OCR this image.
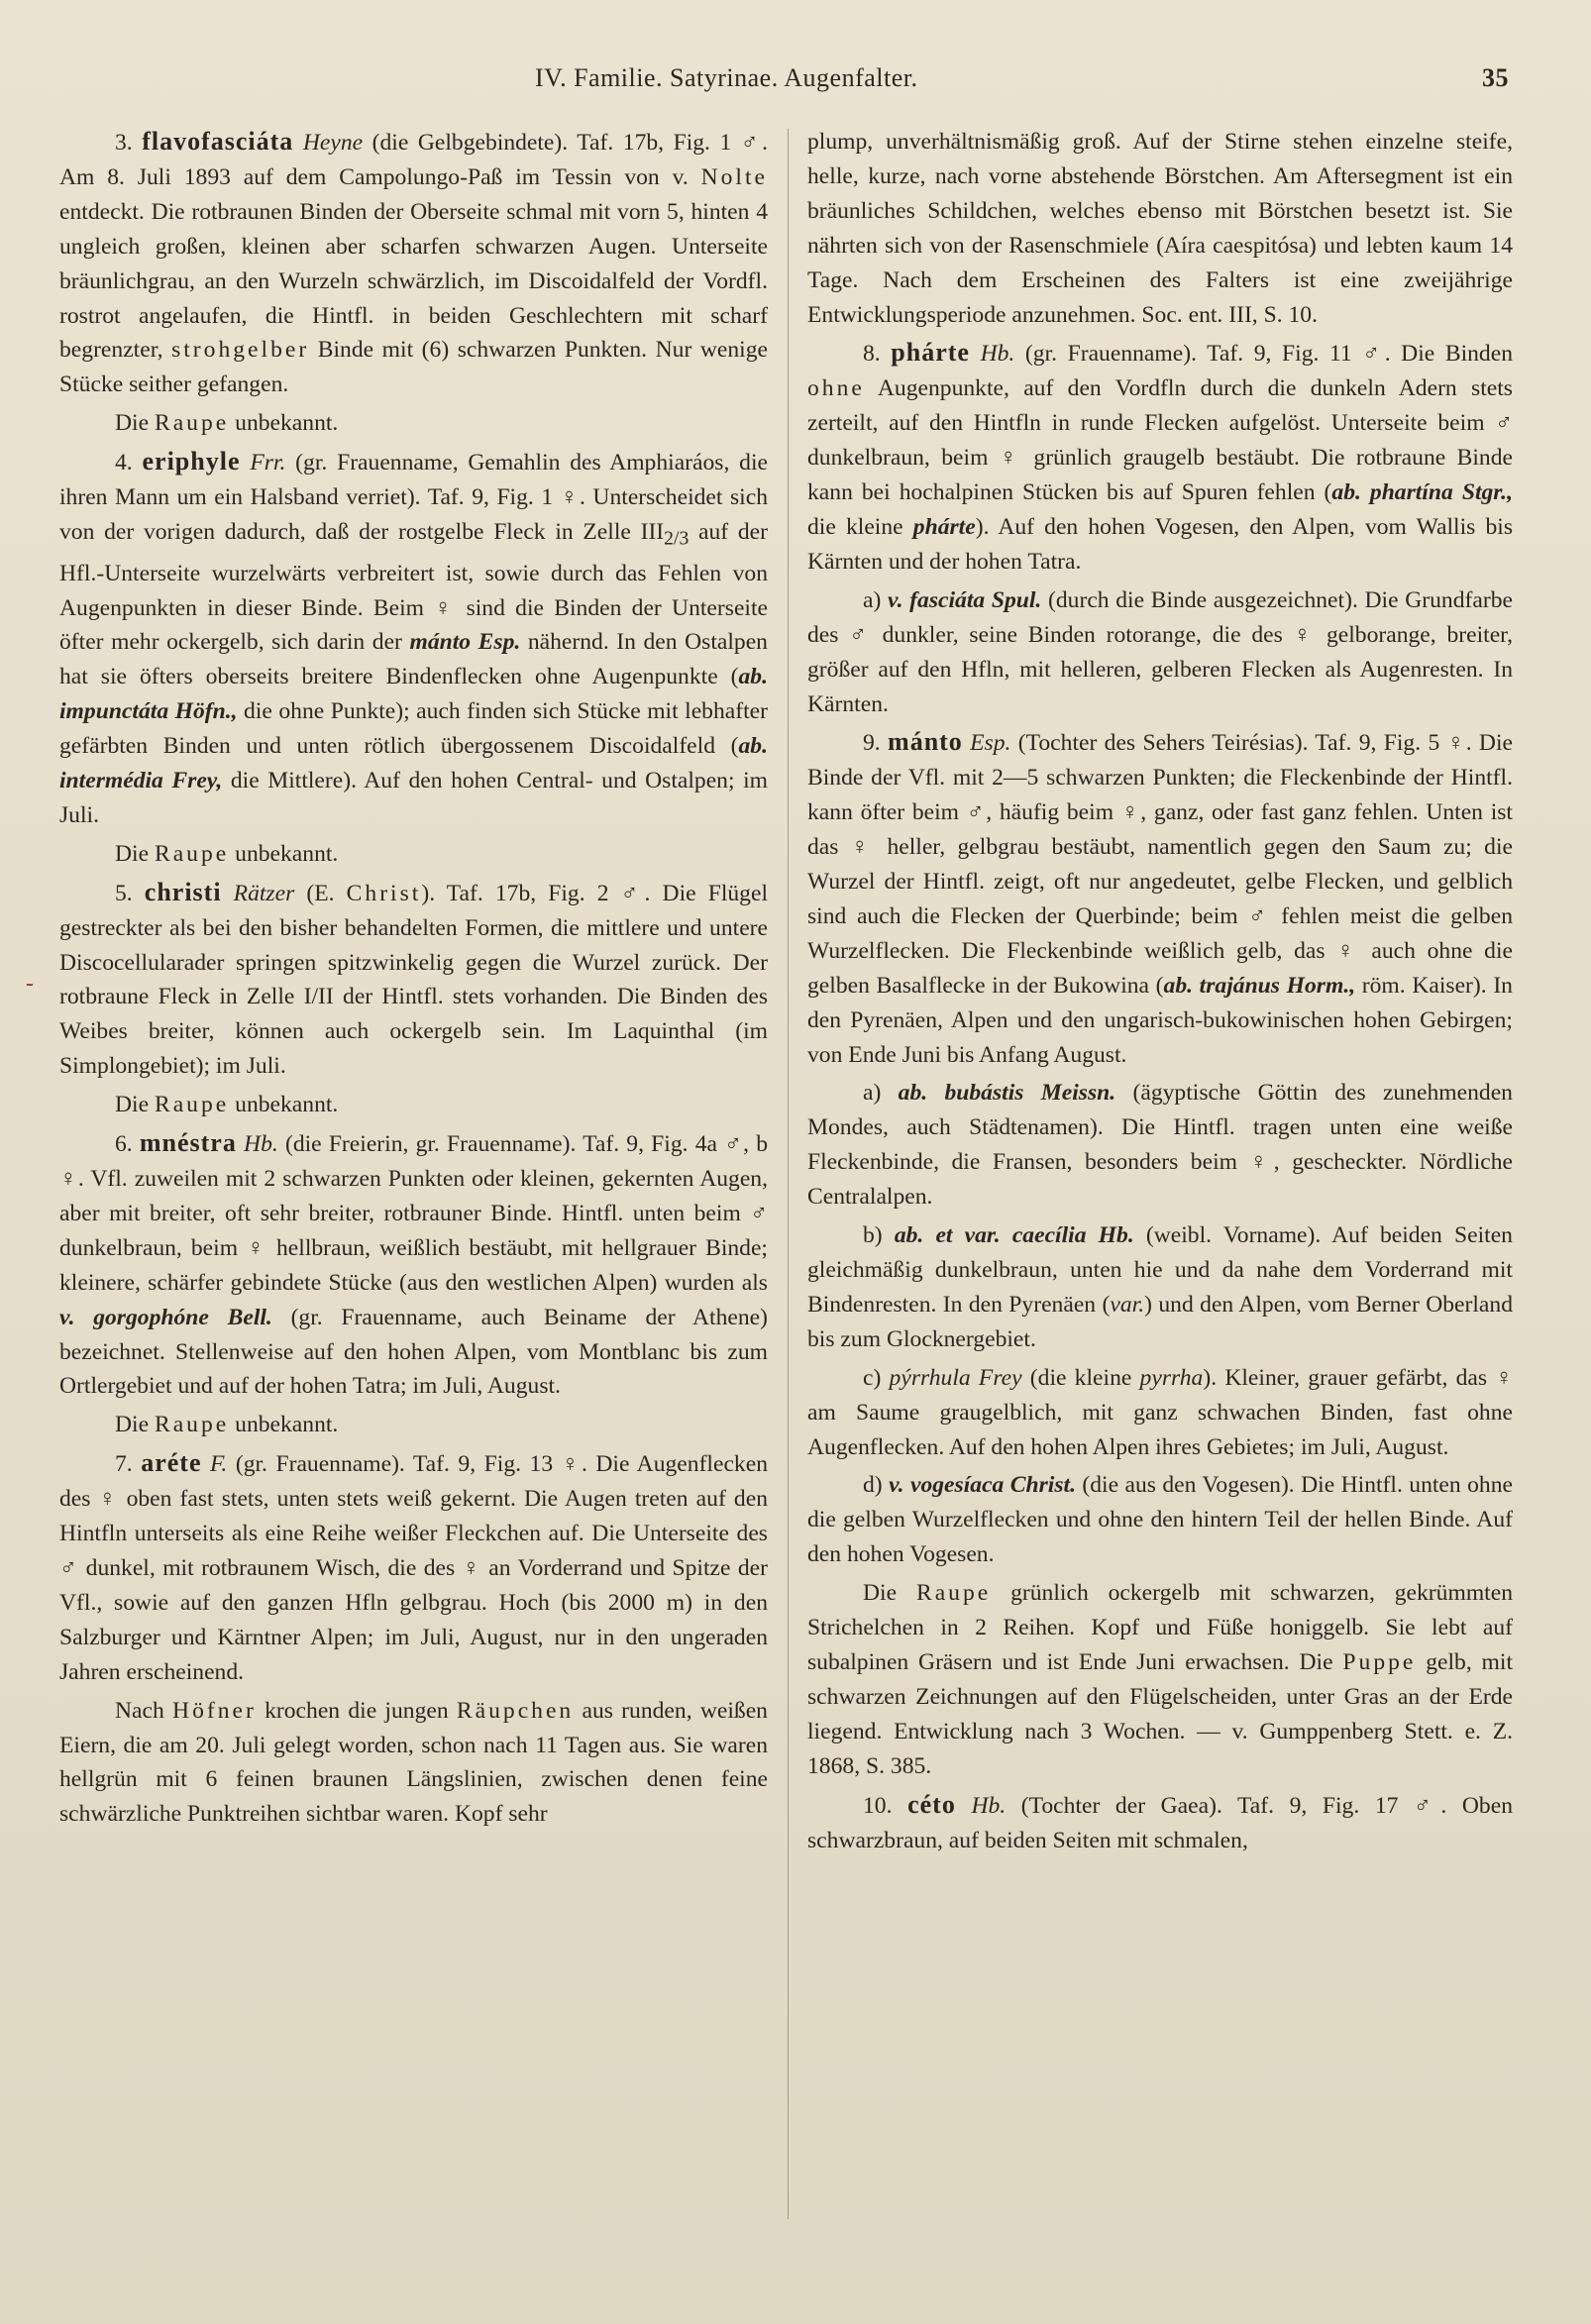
IV. Familie. Satyrinae. Augenfalter.	35
-

3. flavofasciáta Heyne (die Gelbgebindete). Taf. 17b, Fig. 1 ♂. Am 8. Juli 1893 auf dem Campolungo-Paß im Tessin von v. Nolte entdeckt. Die rotbraunen Binden der Oberseite schmal mit vorn 5, hinten 4 ungleich großen, kleinen aber scharfen schwarzen Augen. Unterseite bräunlichgrau, an den Wurzeln schwärzlich, im Discoidalfeld der Vordfl. rostrot angelaufen, die Hintfl. in beiden Geschlechtern mit scharf begrenzter, strohgelber Binde mit (6) schwarzen Punkten. Nur wenige Stücke seither gefangen.

Die Raupe unbekannt.

4. eriphyle Frr. (gr. Frauenname, Gemahlin des Amphiaráos, die ihren Mann um ein Halsband verriet). Taf. 9, Fig. 1 ♀. Unterscheidet sich von der vorigen dadurch, daß der rostgelbe Fleck in Zelle $III_{2/3}$ auf der Hfl.-Unterseite wurzelwärts verbreitert ist, sowie durch das Fehlen von Augenpunkten in dieser Binde. Beim ♀ sind die Binden der Unterseite öfter mehr ockergelb, sich darin der mánto Esp. nähernd. In den Ostalpen hat sie öfters oberseits breitere Bindenflecken ohne Augenpunkte (ab. impunctáta Höfn., die ohne Punkte); auch finden sich Stücke mit lebhafter gefärbten Binden und unten rötlich übergossenem Discoidalfeld (ab. intermédia Frey, die Mittlere). Auf den hohen Central- und Ostalpen; im Juli.

Die Raupe unbekannt.

5. christi Rätzer (E. Christ). Taf. 17b, Fig. 2 ♂. Die Flügel gestreckter als bei den bisher behandelten Formen, die mittlere und untere Discocellularader springen spitzwinkelig gegen die Wurzel zurück. Der rotbraune Fleck in Zelle I/II der Hintfl. stets vorhanden. Die Binden des Weibes breiter, können auch ockergelb sein. Im Laquinthal (im Simplongebiet); im Juli.

Die Raupe unbekannt.

6. mnéstra Hb. (die Freierin, gr. Frauenname). Taf. 9, Fig. 4a ♂, b ♀. Vfl. zuweilen mit 2 schwarzen Punkten oder kleinen, gekernten Augen, aber mit breiter, oft sehr breiter, rotbrauner Binde. Hintfl. unten beim ♂ dunkelbraun, beim ♀ hellbraun, weißlich bestäubt, mit hellgrauer Binde; kleinere, schärfer gebindete Stücke (aus den westlichen Alpen) wurden als v. gorgophóne Bell. (gr. Frauenname, auch Beiname der Athene) bezeichnet. Stellenweise auf den hohen Alpen, vom Montblanc bis zum Ortlergebiet und auf der hohen Tatra; im Juli, August.

Die Raupe unbekannt.

7. aréte F. (gr. Frauenname). Taf. 9, Fig. 13 ♀. Die Augenflecken des ♀ oben fast stets, unten stets weiß gekernt. Die Augen treten auf den Hintfln unterseits als eine Reihe weißer Fleckchen auf. Die Unterseite des ♂ dunkel, mit rotbraunem Wisch, die des ♀ an Vorderrand und Spitze der Vfl., sowie auf den ganzen Hfln gelbgrau. Hoch (bis 2000 m) in den Salzburger und Kärntner Alpen; im Juli, August, nur in den ungeraden Jahren erscheinend.

Nach Höfner krochen die jungen Räupchen aus runden, weißen Eiern, die am 20. Juli gelegt worden, schon nach 11 Tagen aus. Sie waren hellgrün mit 6 feinen braunen Längslinien, zwischen denen feine schwärzliche Punktreihen sichtbar waren. Kopf sehr

plump, unverhältnismäßig groß. Auf der Stirne stehen einzelne steife, helle, kurze, nach vorne abstehende Börstchen. Am Aftersegment ist ein bräunliches Schildchen, welches ebenso mit Börstchen besetzt ist. Sie nährten sich von der Rasenschmiele (Aíra caespitósa) und lebten kaum 14 Tage. Nach dem Erscheinen des Falters ist eine zweijährige Entwicklungsperiode anzunehmen. Soc. ent. III, S. 10.

8. phárte Hb. (gr. Frauenname). Taf. 9, Fig. 11 ♂. Die Binden ohne Augenpunkte, auf den Vordfln durch die dunkeln Adern stets zerteilt, auf den Hintfln in runde Flecken aufgelöst. Unterseite beim ♂ dunkelbraun, beim ♀ grünlich graugelb bestäubt. Die rotbraune Binde kann bei hochalpinen Stücken bis auf Spuren fehlen (ab. phartína Stgr., die kleine phárte). Auf den hohen Vogesen, den Alpen, vom Wallis bis Kärnten und der hohen Tatra.

a) v. fasciáta Spul. (durch die Binde ausgezeichnet). Die Grundfarbe des ♂ dunkler, seine Binden rotorange, die des ♀ gelborange, breiter, größer auf den Hfln, mit helleren, gelberen Flecken als Augenresten. In Kärnten.

9. mánto Esp. (Tochter des Sehers Teirésias). Taf. 9, Fig. 5 ♀. Die Binde der Vfl. mit 2—5 schwarzen Punkten; die Fleckenbinde der Hintfl. kann öfter beim ♂, häufig beim ♀, ganz, oder fast ganz fehlen. Unten ist das ♀ heller, gelbgrau bestäubt, namentlich gegen den Saum zu; die Wurzel der Hintfl. zeigt, oft nur angedeutet, gelbe Flecken, und gelblich sind auch die Flecken der Querbinde; beim ♂ fehlen meist die gelben Wurzelflecken. Die Fleckenbinde weißlich gelb, das ♀ auch ohne die gelben Basalflecke in der Bukowina (ab. trajánus Horm., röm. Kaiser). In den Pyrenäen, Alpen und den ungarisch-bukowinischen hohen Gebirgen; von Ende Juni bis Anfang August.

a) ab. bubástis Meissn. (ägyptische Göttin des zunehmenden Mondes, auch Städtenamen). Die Hintfl. tragen unten eine weiße Fleckenbinde, die Fransen, besonders beim ♀, gescheckter. Nördliche Centralalpen.

b) ab. et var. caecília Hb. (weibl. Vorname). Auf beiden Seiten gleichmäßig dunkelbraun, unten hie und da nahe dem Vorderrand mit Bindenresten. In den Pyrenäen (var.) und den Alpen, vom Berner Oberland bis zum Glocknergebiet.

c) pýrrhula Frey (die kleine pyrrha). Kleiner, grauer gefärbt, das ♀ am Saume graugelblich, mit ganz schwachen Binden, fast ohne Augenflecken. Auf den hohen Alpen ihres Gebietes; im Juli, August.

d) v. vogesíaca Christ. (die aus den Vogesen). Die Hintfl. unten ohne die gelben Wurzelflecken und ohne den hintern Teil der hellen Binde. Auf den hohen Vogesen.

Die Raupe grünlich ockergelb mit schwarzen, gekrümmten Strichelchen in 2 Reihen. Kopf und Füße honiggelb. Sie lebt auf subalpinen Gräsern und ist Ende Juni erwachsen. Die Puppe gelb, mit schwarzen Zeichnungen auf den Flügelscheiden, unter Gras an der Erde liegend. Entwicklung nach 3 Wochen. — v. Gumppenberg Stett. e. Z. 1868, S. 385.

10. céto Hb. (Tochter der Gaea). Taf. 9, Fig. 17 ♂. Oben schwarzbraun, auf beiden Seiten mit schmalen,
